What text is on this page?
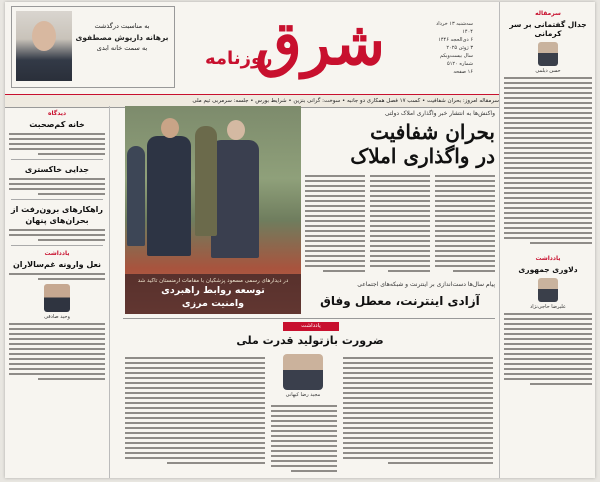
به مناسبت درگذشت
برهانه داریوش مصطفوی
به سمت خانه ابدی	شرق
روزنامه
سه‌شنبه ۱۳ خرداد ۱۴۰۴
۶ ذی‌الحجه ۱۴۴۶
۳ ژوئن ۲۰۲۵
سال بیست‌ویکم
شماره ۵۱۲۰
۱۶ صفحه
سرمقاله
جدال گفتمانی بر سر کرمانی
حسن دیلمی
یادداشت
دلاوری جمهوری
علیرضا حاجی‌نژاد
سرمقاله امروز: بحران شفافیت • کسب ۱۷ فصل همکاری دو جانبه • سوخت: گرانی بنزین • شرایط بورس • جلسه: سرمربی تیم ملی
دیدگاه
خانه کم‌صحبت
جدایی خاکستری
راهکارهای برون‌رفت از بحران‌های پنهان
یادداشت
نعل وارونه غم‌سالاران
وحید صادقی
در دیدارهای رسمی مسعود پزشکیان با مقامات ارمنستان تاکید شد
توسعه روابط راهبردی
وامنیت مرزی
واکنش‌ها به انتشار خبر واگذاری املاک دولتی
بحران شفافیت
در واگذاری املاک
پیام سال‌ها دست‌اندازی بر اینترنت و شبکه‌های اجتماعی
آزادی اینترنت، معطل وفاق
یادداشت
ضرورت بازتولید قدرت ملی
مجید رضا کیهانی
